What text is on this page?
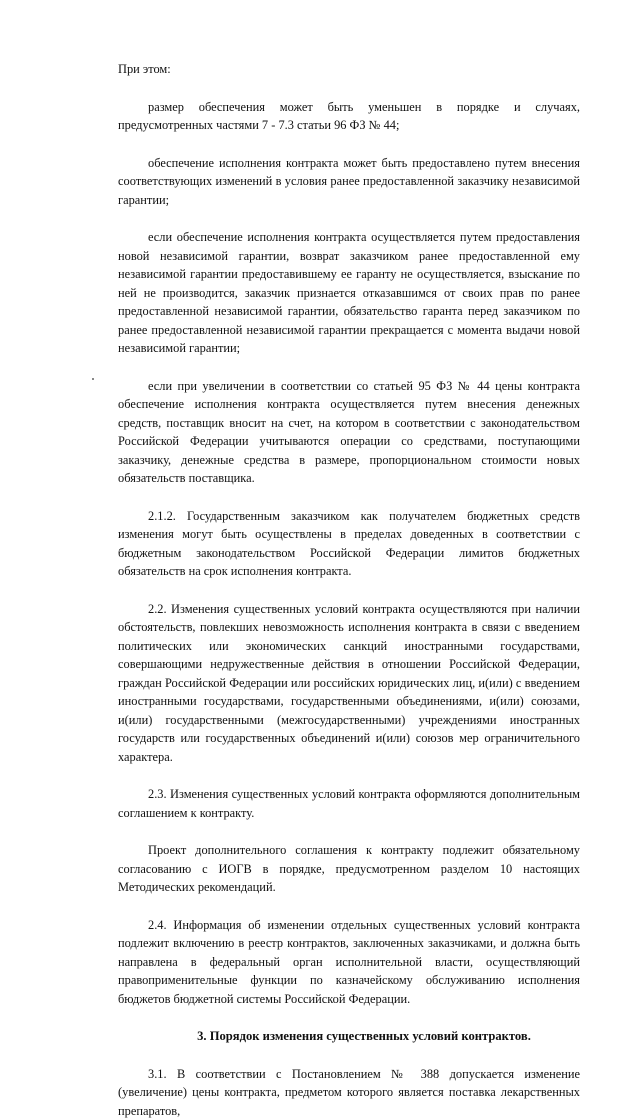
При этом:

размер обеспечения может быть уменьшен в порядке и случаях, предусмотренных частями 7 - 7.3 статьи 96 ФЗ № 44;

обеспечение исполнения контракта может быть предоставлено путем внесения соответствующих изменений в условия ранее предоставленной заказчику независимой гарантии;

если обеспечение исполнения контракта осуществляется путем предоставления новой независимой гарантии, возврат заказчиком ранее предоставленной ему независимой гарантии предоставившему ее гаранту не осуществляется, взыскание по ней не производится, заказчик признается отказавшимся от своих прав по ранее предоставленной независимой гарантии, обязательство гаранта перед заказчиком по ранее предоставленной независимой гарантии прекращается с момента выдачи новой независимой гарантии;

если при увеличении в соответствии со статьей 95 ФЗ № 44 цены контракта обеспечение исполнения контракта осуществляется путем внесения денежных средств, поставщик вносит на счет, на котором в соответствии с законодательством Российской Федерации учитываются операции со средствами, поступающими заказчику, денежные средства в размере, пропорциональном стоимости новых обязательств поставщика.

2.1.2. Государственным заказчиком как получателем бюджетных средств изменения могут быть осуществлены в пределах доведенных в соответствии с бюджетным законодательством Российской Федерации лимитов бюджетных обязательств на срок исполнения контракта.

2.2. Изменения существенных условий контракта осуществляются при наличии обстоятельств, повлекших невозможность исполнения контракта в связи с введением политических или экономических санкций иностранными государствами, совершающими недружественные действия в отношении Российской Федерации, граждан Российской Федерации или российских юридических лиц, и(или) с введением иностранными государствами, государственными объединениями, и(или) союзами, и(или) государственными (межгосударственными) учреждениями иностранных государств или государственных объединений и(или) союзов мер ограничительного характера.

2.3. Изменения существенных условий контракта оформляются дополнительным соглашением к контракту.

Проект дополнительного соглашения к контракту подлежит обязательному согласованию с ИОГВ в порядке, предусмотренном разделом 10 настоящих Методических рекомендаций.

2.4. Информация об изменении отдельных существенных условий контракта подлежит включению в реестр контрактов, заключенных заказчиками, и должна быть направлена в федеральный орган исполнительной власти, осуществляющий правоприменительные функции по казначейскому обслуживанию исполнения бюджетов бюджетной системы Российской Федерации.

3. Порядок изменения существенных условий контрактов.

3.1. В соответствии с Постановлением № 388 допускается изменение (увеличение) цены контракта, предметом которого является поставка лекарственных препаратов,
